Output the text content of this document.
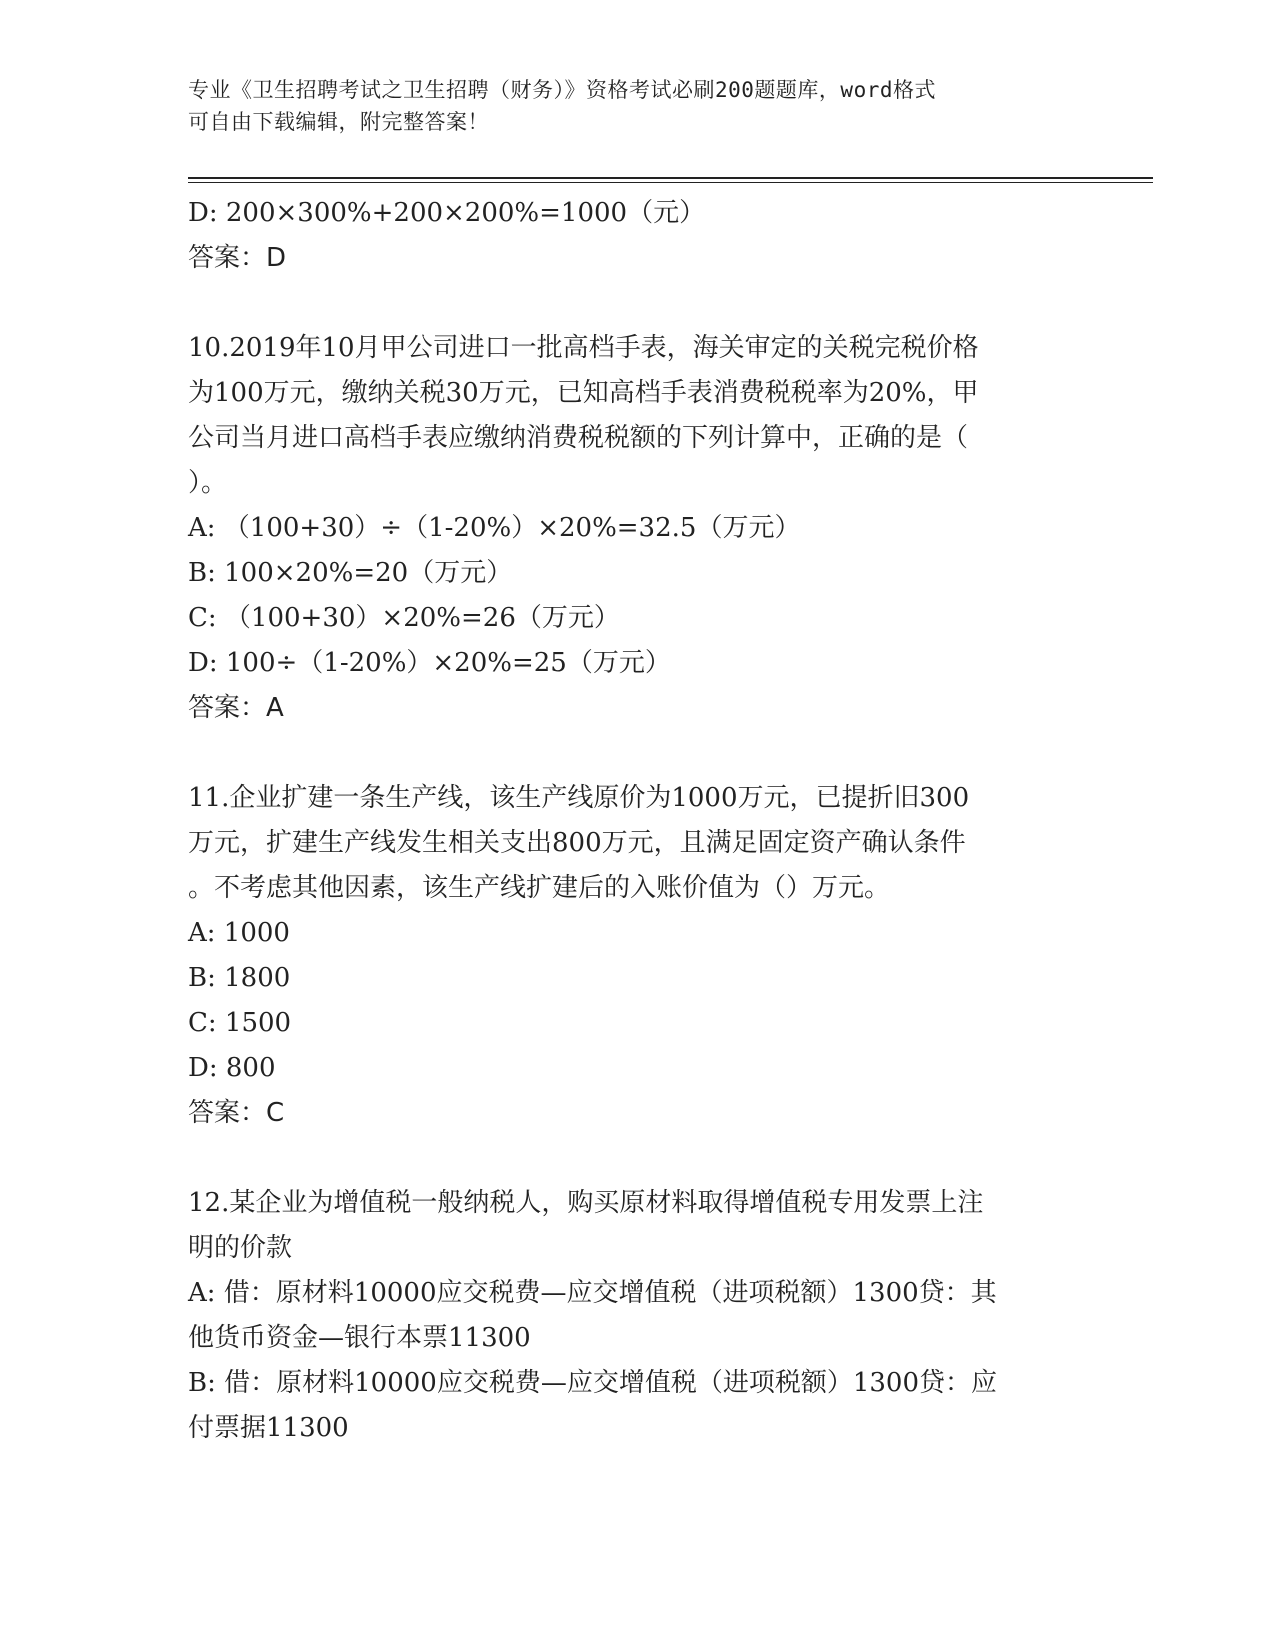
专业《卫生招聘考试之卫生招聘（财务）》资格考试必刷200题题库，word格式
可自由下载编辑，附完整答案！
D: 200×300%+200×200%=1000（元）
答案：D
10.2019年10月甲公司进口一批高档手表，海关审定的关税完税价格
为100万元，缴纳关税30万元，已知高档手表消费税税率为20%，甲
公司当月进口高档手表应缴纳消费税税额的下列计算中，正确的是（
）。
A: （100+30）÷（1-20%）×20%=32.5（万元）
B: 100×20%=20（万元）
C: （100+30）×20%=26（万元）
D: 100÷（1-20%）×20%=25（万元）
答案：A
11.企业扩建一条生产线，该生产线原价为1000万元，已提折旧300
万元，扩建生产线发生相关支出800万元，且满足固定资产确认条件
。不考虑其他因素，该生产线扩建后的入账价值为（）万元。
A: 1000
B: 1800
C: 1500
D: 800
答案：C
12.某企业为增值税一般纳税人，购买原材料取得增值税专用发票上注
明的价款
A: 借：原材料10000应交税费—应交增值税（进项税额）1300贷：其
他货币资金—银行本票11300
B: 借：原材料10000应交税费—应交增值税（进项税额）1300贷：应
付票据11300
